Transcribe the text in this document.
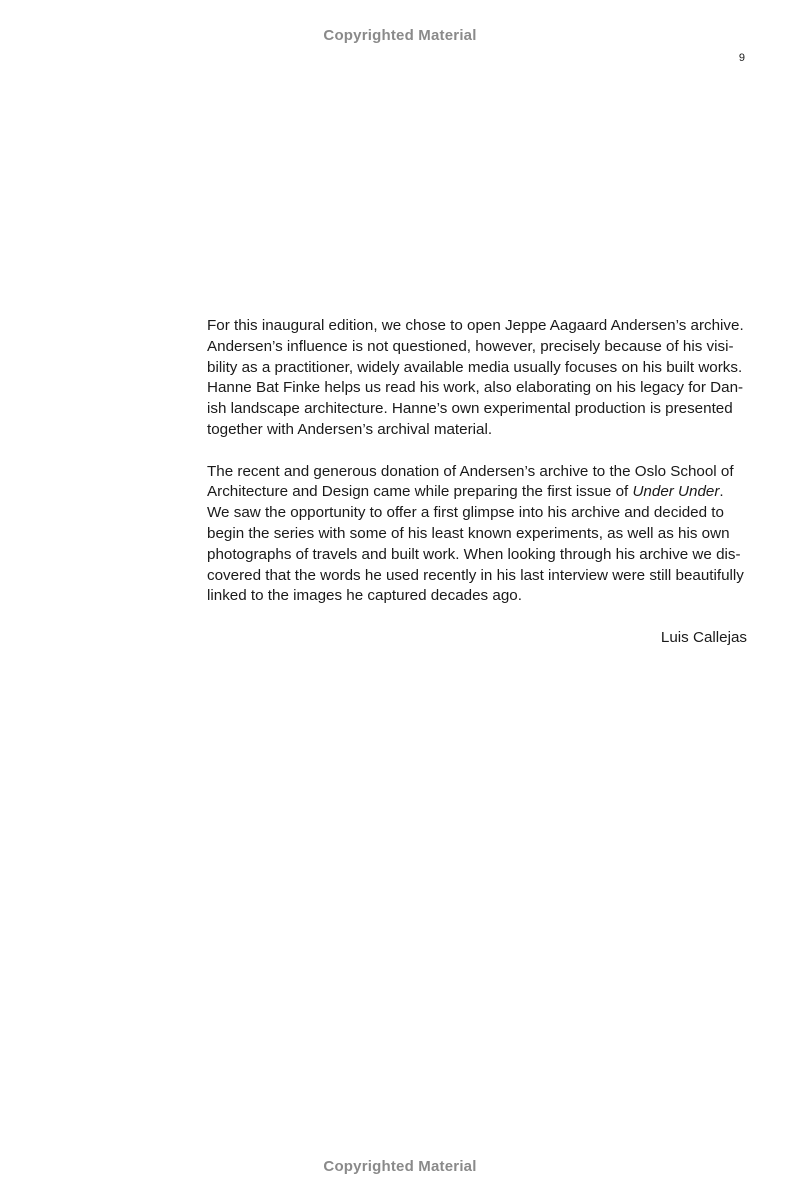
Copyrighted Material
9

For this inaugural edition, we chose to open Jeppe Aagaard Andersen’s archive.
Andersen’s influence is not questioned, however, precisely because of his visi-
bility as a practitioner, widely available media usually focuses on his built works.
Hanne Bat Finke helps us read his work, also elaborating on his legacy for Dan-
ish landscape architecture. Hanne’s own experimental production is presented
together with Andersen’s archival material.

The recent and generous donation of Andersen’s archive to the Oslo School of
Architecture and Design came while preparing the first issue of Under Under.
We saw the opportunity to offer a first glimpse into his archive and decided to
begin the series with some of his least known experiments, as well as his own
photographs of travels and built work. When looking through his archive we dis-
covered that the words he used recently in his last interview were still beautifully
linked to the images he captured decades ago.

Luis Callejas

Copyrighted Material
